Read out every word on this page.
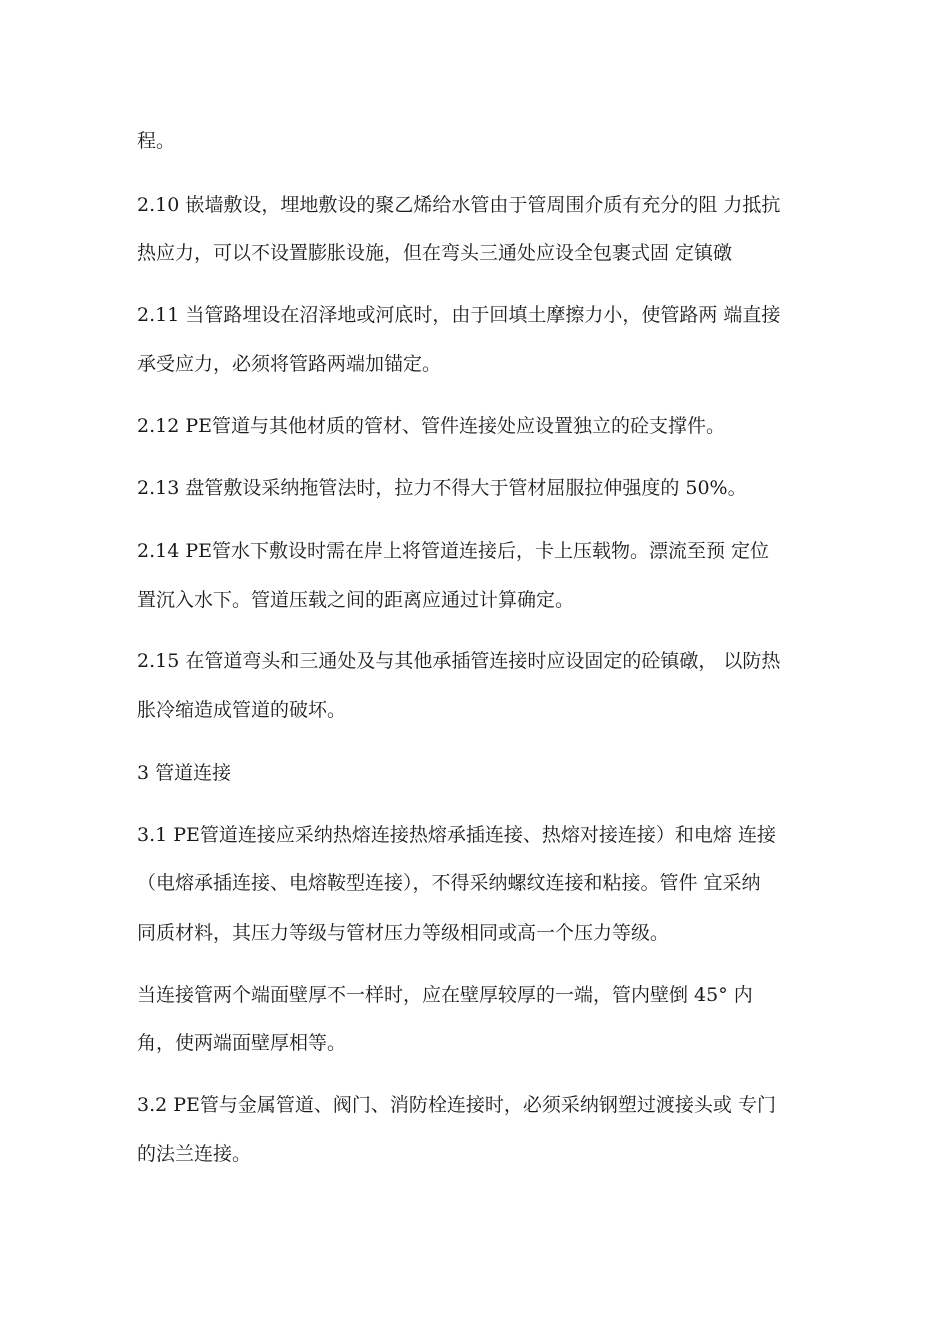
程。
2.10 嵌墙敷设，埋地敷设的聚乙烯给水管由于管周围介质有充分的阻 力抵抗
热应力，可以不设置膨胀设施，但在弯头三通处应设全包裹式固 定镇礅
2.11 当管路埋设在沼泽地或河底时，由于回填土摩擦力小，使管路两 端直接
承受应力，必须将管路两端加锚定。
2.12 PE管道与其他材质的管材、管件连接处应设置独立的砼支撑件。
2.13 盘管敷设采纳拖管法时，拉力不得大于管材屈服拉伸强度的 50%。
2.14 PE管水下敷设时需在岸上将管道连接后，卡上压载物。漂流至预 定位
置沉入水下。管道压载之间的距离应通过计算确定。
2.15 在管道弯头和三通处及与其他承插管连接时应设固定的砼镇礅， 以防热
胀冷缩造成管道的破坏。
3 管道连接
3.1 PE管道连接应采纳热熔连接热熔承插连接、热熔对接连接）和电熔 连接
（电熔承插连接、电熔鞍型连接），不得采纳螺纹连接和粘接。管件 宜采纳
同质材料，其压力等级与管材压力等级相同或高一个压力等级。
当连接管两个端面壁厚不一样时，应在壁厚较厚的一端，管内壁倒 45° 内
角，使两端面壁厚相等。
3.2 PE管与金属管道、阀门、消防栓连接时，必须采纳钢塑过渡接头或 专门
的法兰连接。
